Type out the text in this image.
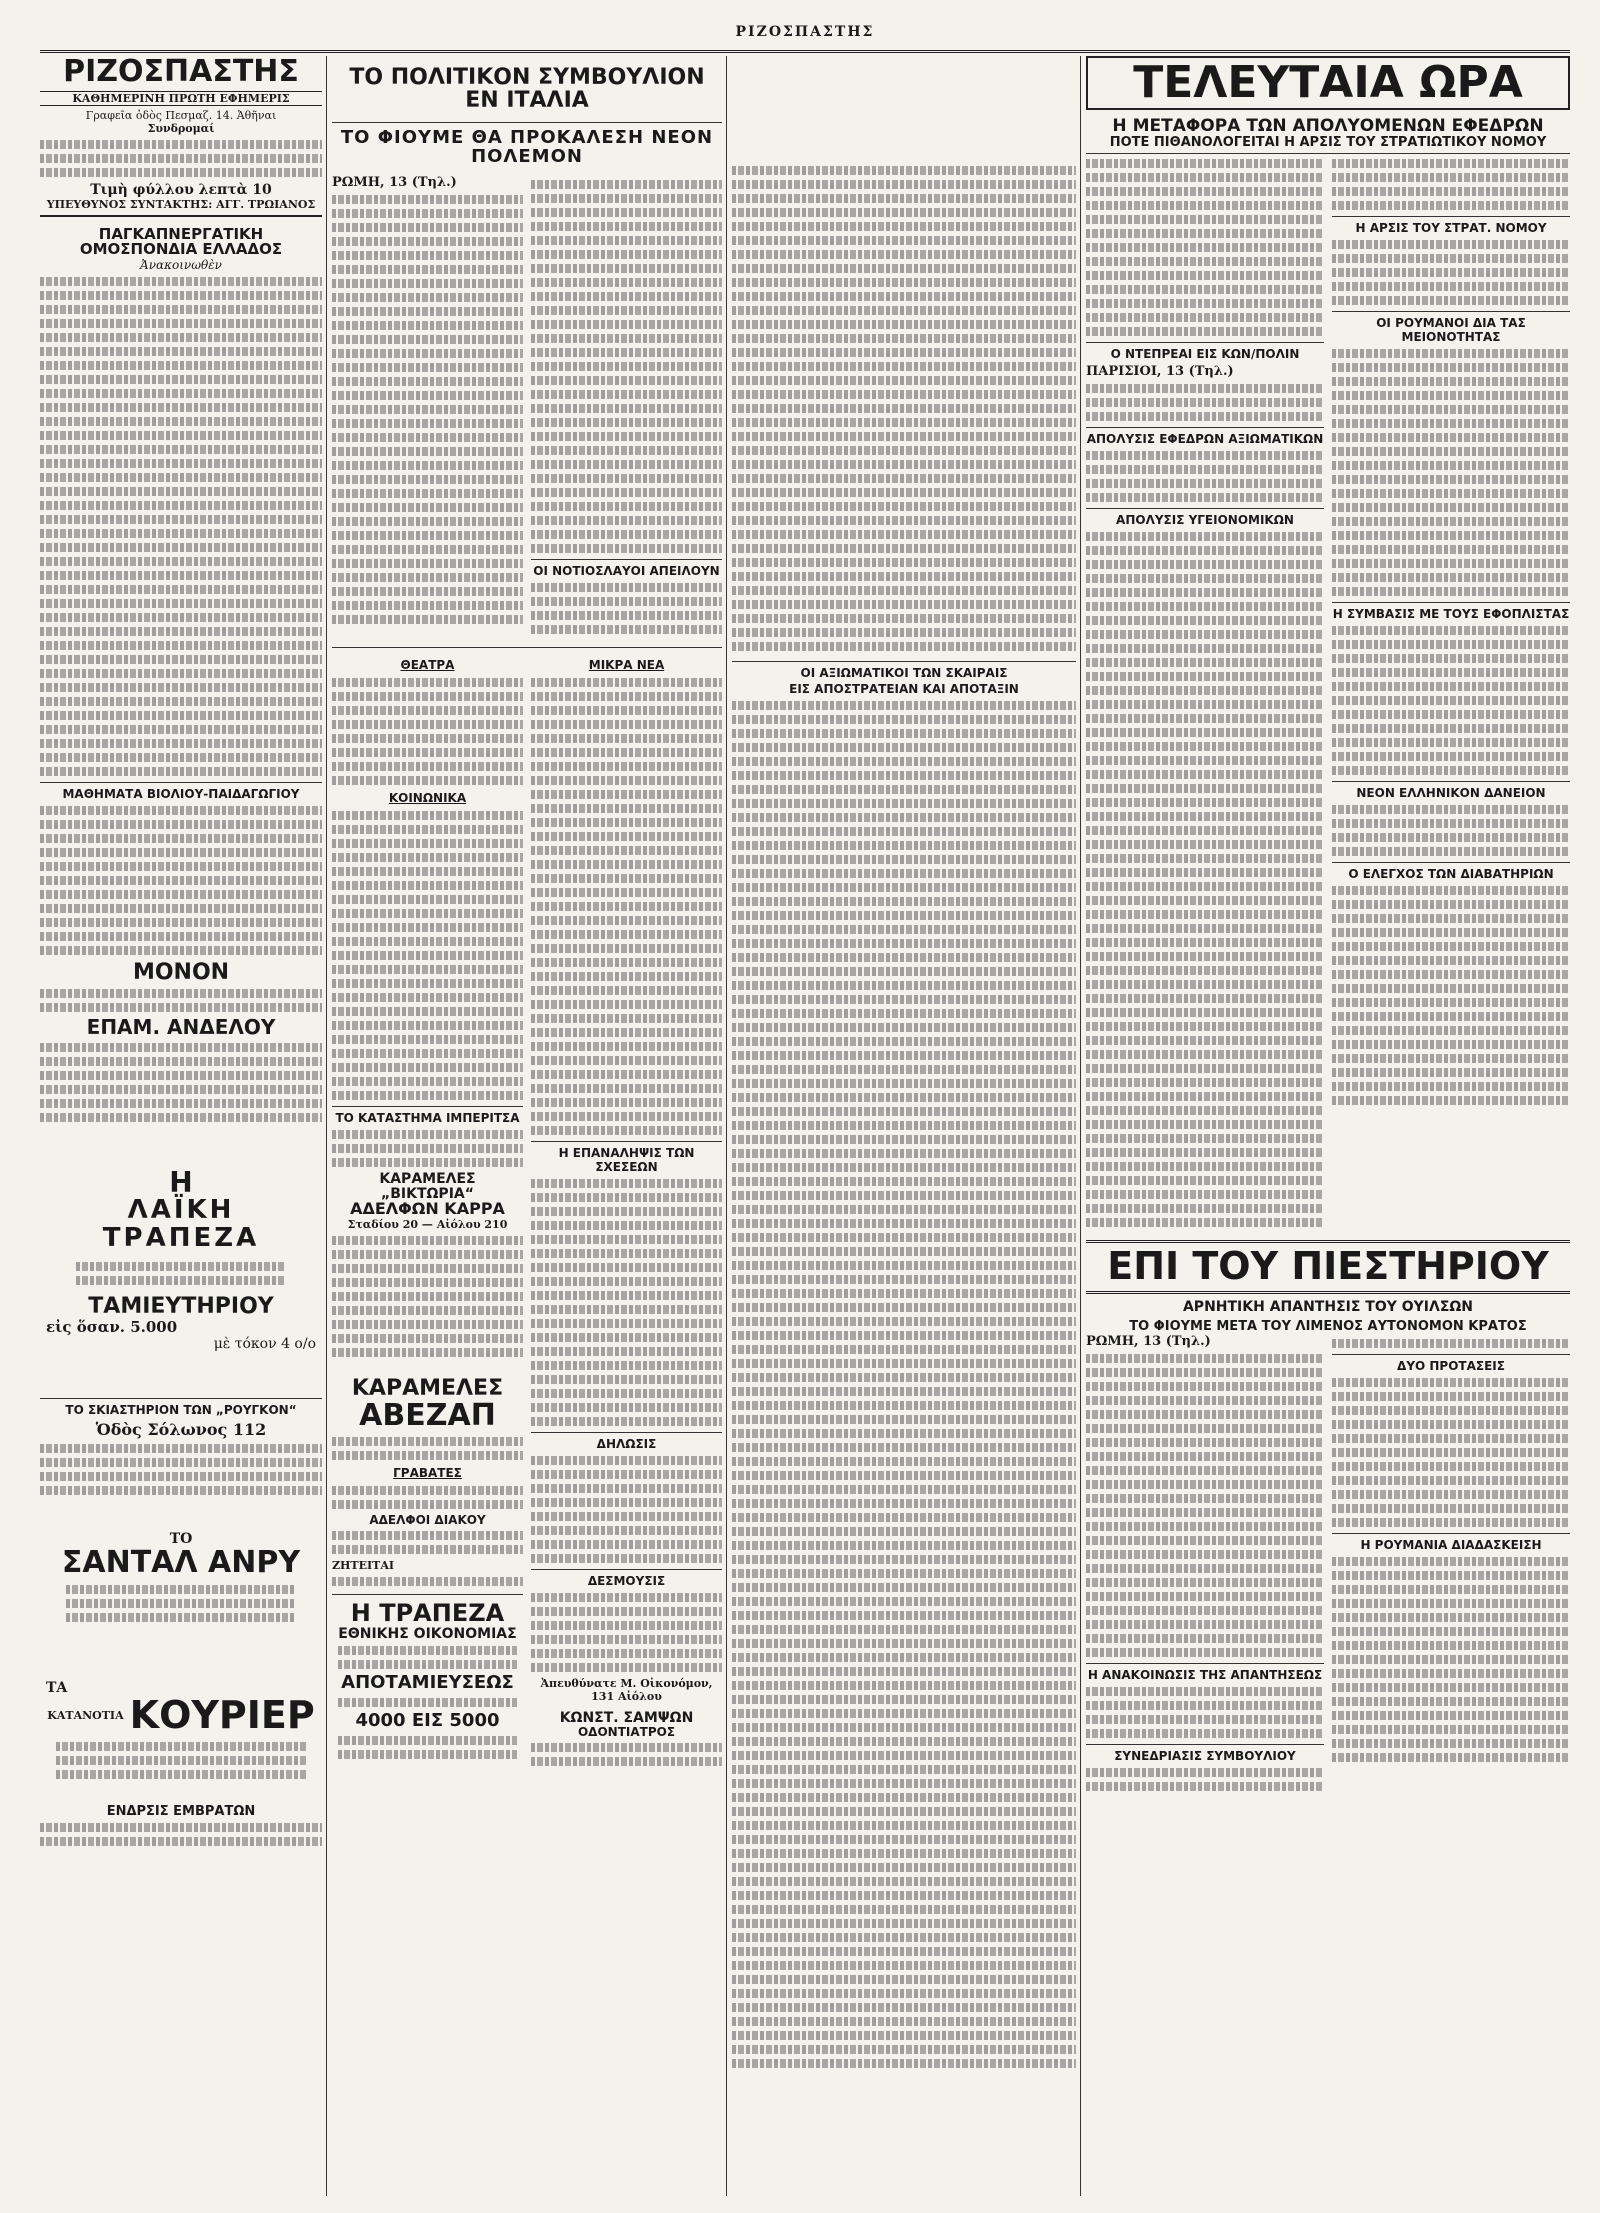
ΡΙΖΟΣΠΑΣΤΗΣ
ΡΙΖΟΣΠΑΣΤΗΣ
ΚΑΘΗΜΕΡΙΝΗ ΠΡΩΤΗ ΕΦΗΜΕΡΙΣ
Γραφεῖα ὁδὸς Πεσμαζ. 14. Ἀθῆναι
Συνδρομαί
Τιμὴ φύλλου λεπτὰ 10
ΥΠΕΥΘΥΝΟΣ ΣΥΝΤΑΚΤΗΣ: ΑΓΓ. ΤΡΩΙΑΝΟΣ
ΠΑΓΚΑΠΝΕΡΓΑΤΙΚΗ ΟΜΟΣΠΟΝΔΙΑ ΕΛΛΑΔΟΣ
Ἀνακοινωθὲν
ΜΑΘΗΜΑΤΑ ΒΙΟΛΙΟΥ-ΠΑΙΔΑΓΩΓΙΟΥ
ΜΟΝΟΝ
ΕΠΑΜ. ΑΝΔΕΛΟΥ
Η
ΛΑΪΚΗ ΤΡΑΠΕΖΑ
ΤΑΜΙΕΥΤΗΡΙΟΥ
εἰς ὅσαν. 5.000
μὲ τόκον 4 ο/ο
ΤΟ ΣΚΙΑΣΤΗΡΙΟΝ ΤΩΝ „ΡΟΥΓΚΟΝ“
Ὁδὸς Σόλωνος 112
ΤΟ
ΣΑΝΤΑΛ ΑΝΡΥ
ΤΑ
ΚΑΤΑΝΟΤΙΑ ΚΟΥΡΙΕΡ
ΕΝΔΡΣΙΣ ΕΜΒΡΑΤΩΝ
ΤΟ ΠΟΛΙΤΙΚΟΝ ΣΥΜΒΟΥΛΙΟΝ ΕΝ ΙΤΑΛΙΑ
ΤΟ ΦΙΟΥΜΕ ΘΑ ΠΡΟΚΑΛΕΣΗ ΝΕΟΝ ΠΟΛΕΜΟΝ
ΡΩΜΗ, 13 (Τηλ.)
ΟΙ ΝΟΤΙΟΣΛΑΥΟΙ ΑΠΕΙΛΟΥΝ
ΘΕΑΤΡΑ
ΚΟΙΝΩΝΙΚΑ
ΤΟ ΚΑΤΑΣΤΗΜΑ ΙΜΠΕΡΙΤΣΑ
ΚΑΡΑΜΕΛΕΣ „ΒΙΚΤΩΡΙΑ“
ΑΔΕΛΦΩΝ ΚΑΡΡΑ
Σταδίου 20 — Αἰόλου 210
ΚΑΡΑΜΕΛΕΣ
ΑΒΕΖΑΠ
ΓΡΑΒΑΤΕΣ
ΑΔΕΛΦΟΙ ΔΙΑΚΟΥ
ΖΗΤΕΙΤΑΙ
Η ΤΡΑΠΕΖΑ
ΕΘΝΙΚΗΣ ΟΙΚΟΝΟΜΙΑΣ
ΑΠΟΤΑΜΙΕΥΣΕΩΣ
4000 ΕΙΣ 5000
ΜΙΚΡΑ ΝΕΑ
Η ΕΠΑΝΑΛΗΨΙΣ ΤΩΝ ΣΧΕΣΕΩΝ
ΔΗΛΩΣΙΣ
ΔΕΣΜΟΥΣΙΣ
Ἀπευθύνατε Μ. Οἰκονόμον, 131 Αἰόλου
ΚΩΝΣΤ. ΣΑΜΨΩΝ
ΟΔΟΝΤΙΑΤΡΟΣ
ΟΙ ΑΞΙΩΜΑΤΙΚΟΙ ΤΩΝ ΣΚΑΙΡΑΙΣ
ΕΙΣ ΑΠΟΣΤΡΑΤΕΙΑΝ ΚΑΙ ΑΠΟΤΑΞΙΝ
ΤΕΛΕΥΤΑΙΑ ΩΡΑ
Η ΜΕΤΑΦΟΡΑ ΤΩΝ ΑΠΟΛΥΟΜΕΝΩΝ ΕΦΕΔΡΩΝ
ΠΟΤΕ ΠΙΘΑΝΟΛΟΓΕΙΤΑΙ Η ΑΡΣΙΣ ΤΟΥ ΣΤΡΑΤΙΩΤΙΚΟΥ ΝΟΜΟΥ
Ο ΝΤΕΠΡΕΑΙ ΕΙΣ ΚΩΝ/ΠΟΛΙΝ
ΠΑΡΙΣΙΟΙ, 13 (Τηλ.)
ΑΠΟΛΥΣΙΣ ΕΦΕΔΡΩΝ ΑΞΙΩΜΑΤΙΚΩΝ
ΑΠΟΛΥΣΙΣ ΥΓΕΙΟΝΟΜΙΚΩΝ
Η ΑΡΣΙΣ ΤΟΥ ΣΤΡΑΤ. ΝΟΜΟΥ
ΟΙ ΡΟΥΜΑΝΟΙ ΔΙΑ ΤΑΣ ΜΕΙΟΝΟΤΗΤΑΣ
Η ΣΥΜΒΑΣΙΣ ΜΕ ΤΟΥΣ ΕΦΟΠΛΙΣΤΑΣ
ΝΕΟΝ ΕΛΛΗΝΙΚΟΝ ΔΑΝΕΙΟΝ
Ο ΕΛΕΓΧΟΣ ΤΩΝ ΔΙΑΒΑΤΗΡΙΩΝ
ΕΠΙ ΤΟΥ ΠΙΕΣΤΗΡΙΟΥ
ΑΡΝΗΤΙΚΗ ΑΠΑΝΤΗΣΙΣ ΤΟΥ ΟΥΙΛΣΩΝ
ΤΟ ΦΙΟΥΜΕ ΜΕΤΑ ΤΟΥ ΛΙΜΕΝΟΣ ΑΥΤΟΝΟΜΟΝ ΚΡΑΤΟΣ
ΡΩΜΗ, 13 (Τηλ.)
Η ΑΝΑΚΟΙΝΩΣΙΣ ΤΗΣ ΑΠΑΝΤΗΣΕΩΣ
ΣΥΝΕΔΡΙΑΣΙΣ ΣΥΜΒΟΥΛΙΟΥ
ΔΥΟ ΠΡΟΤΑΣΕΙΣ
Η ΡΟΥΜΑΝΙΑ ΔΙΑΔΑΣΚΕΙΣΗ
